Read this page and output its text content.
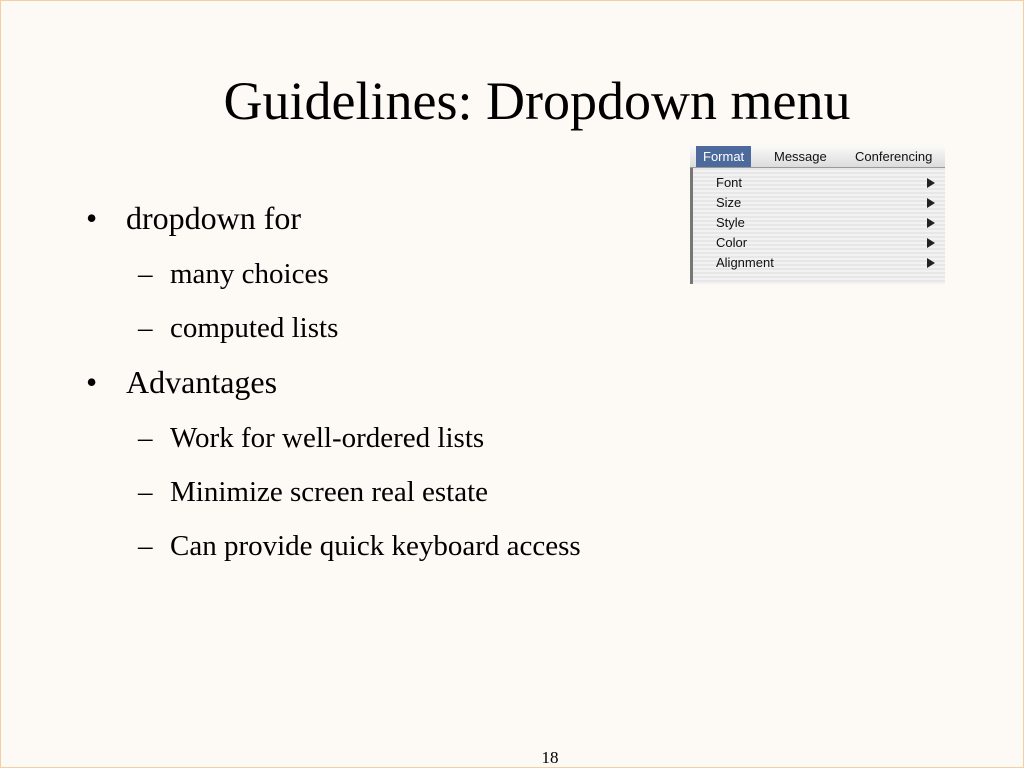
Guidelines: Dropdown menu
• dropdown for
– many choices
– computed lists
• Advantages
– Work for well-ordered lists
– Minimize screen real estate
– Can provide quick keyboard access
Format	Message	Conferencing
Font
Size
Style
Color
Alignment
18
